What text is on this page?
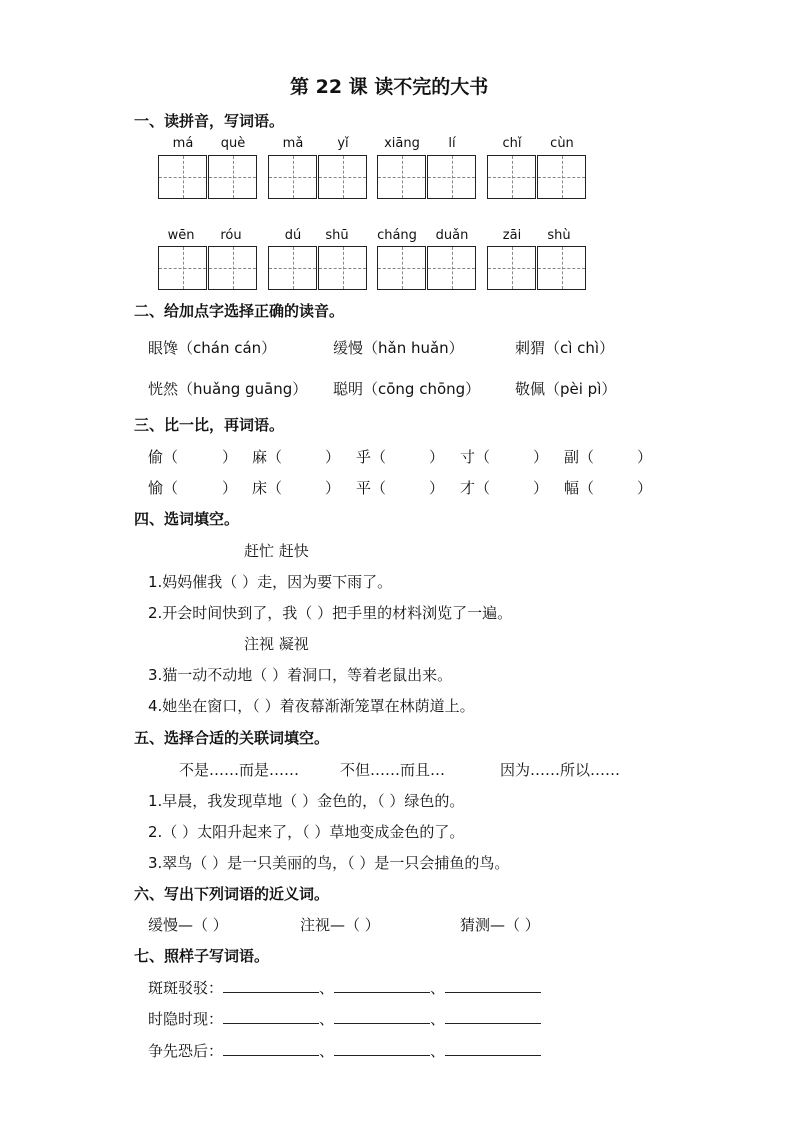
第 22 课 读不完的大书
一、读拼音，写词语。
má	què	mǎ	yǐ	xiāng	lí	chǐ	cùn
wēn	róu	dú	shū	cháng	duǎn	zāi	shù
二、给加点字选择正确的读音。
眼馋（chán cán）	缓慢（hǎn huǎn）	刺猬（cì chì）
恍然（huǎng guāng） 聪明（cōng chōng） 敬佩（pèi pì）
三、比一比，再词语。
偷（	） 麻（	） 乎（	） 寸（	） 副（	）
愉（	） 床（	） 平（	） 才（	） 幅（	）
四、选词填空。
赶忙 赶快
1.妈妈催我（ ）走，因为要下雨了。
2.开会时间快到了，我（ ）把手里的材料浏览了一遍。
注视 凝视
3.猫一动不动地（ ）着洞口，等着老鼠出来。
4.她坐在窗口，（ ）着夜幕渐渐笼罩在林荫道上。
五、选择合适的关联词填空。
不是……而是……	不但……而且…	因为……所以……
1.早晨，我发现草地（ ）金色的，（ ）绿色的。
2.（ ）太阳升起来了，（ ）草地变成金色的了。
3.翠鸟（ ）是一只美丽的鸟，（ ）是一只会捕鱼的鸟。
六、写出下列词语的近义词。
缓慢—（ ）	注视—（ ）	猜测—（ ）
七、照样子写词语。
斑斑驳驳：	、	、
时隐时现：	、	、
争先恐后：	、	、
